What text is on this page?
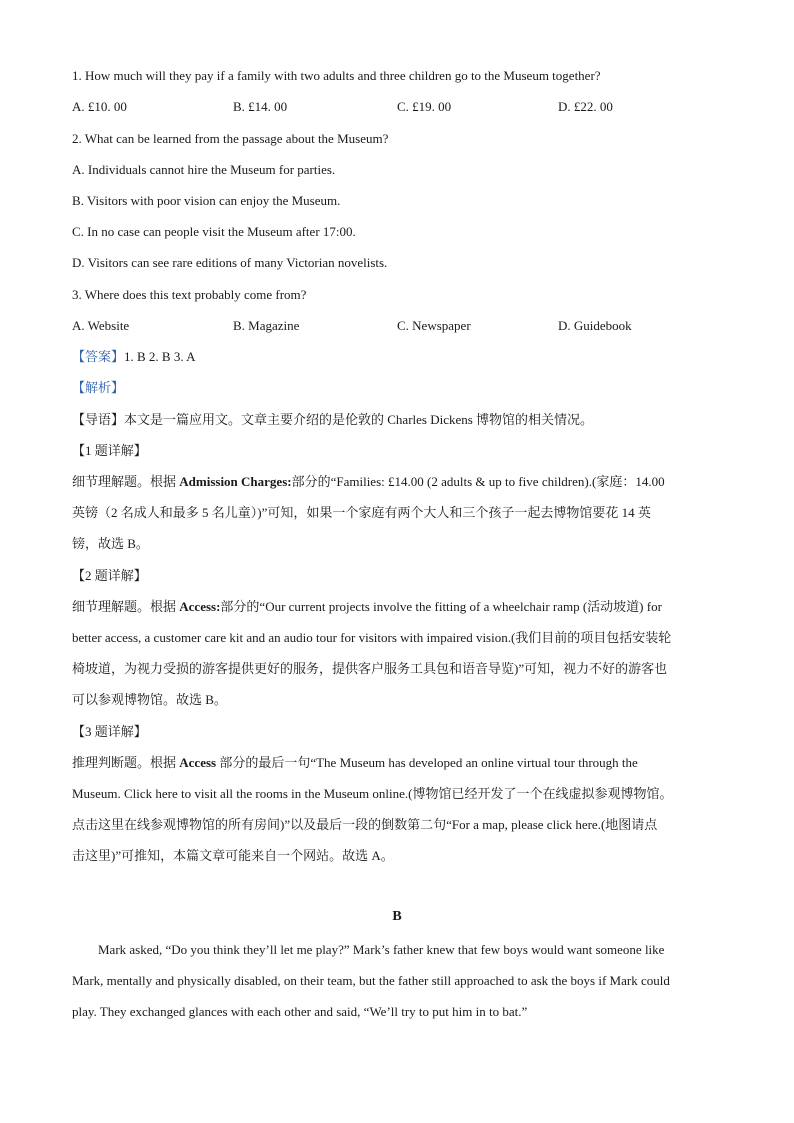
1. How much will they pay if a family with two adults and three children go to the Museum together?
A. £10. 00	B. £14. 00	C. £19. 00	D. £22. 00
2. What can be learned from the passage about the Museum?
A. Individuals cannot hire the Museum for parties.
B. Visitors with poor vision can enjoy the Museum.
C. In no case can people visit the Museum after 17:00.
D. Visitors can see rare editions of many Victorian novelists.
3. Where does this text probably come from?
A. Website	B. Magazine	C. Newspaper	D. Guidebook
【答案】1. B 2. B 3. A
【解析】
【导语】本文是一篇应用文。文章主要介绍的是伦敦的 Charles Dickens 博物馆的相关情况。
【1 题详解】
细节理解题。根据 Admission Charges:部分的“Families: £14.00 (2 adults & up to five children).(家庭：14.00
英镑（2 名成人和最多 5 名儿童）)”可知，如果一个家庭有两个大人和三个孩子一起去博物馆要花 14 英
镑，故选 B。
【2 题详解】
细节理解题。根据 Access:部分的“Our current projects involve the fitting of a wheelchair ramp (活动坡道) for
better access, a customer care kit and an audio tour for visitors with impaired vision.(我们目前的项目包括安装轮
椅坡道，为视力受损的游客提供更好的服务，提供客户服务工具包和语音导览)”可知，视力不好的游客也
可以参观博物馆。故选 B。
【3 题详解】
推理判断题。根据 Access 部分的最后一句“The Museum has developed an online virtual tour through the
Museum. Click here to visit all the rooms in the Museum online.(博物馆已经开发了一个在线虚拟参观博物馆。
点击这里在线参观博物馆的所有房间)”以及最后一段的倒数第二句“For a map, please click here.(地图请点
击这里)”可推知，本篇文章可能来自一个网站。故选 A。
B
Mark asked, “Do you think they’ll let me play?” Mark’s father knew that few boys would want someone like
Mark, mentally and physically disabled, on their team, but the father still approached to ask the boys if Mark could
play. They exchanged glances with each other and said, “We’ll try to put him in to bat.”
